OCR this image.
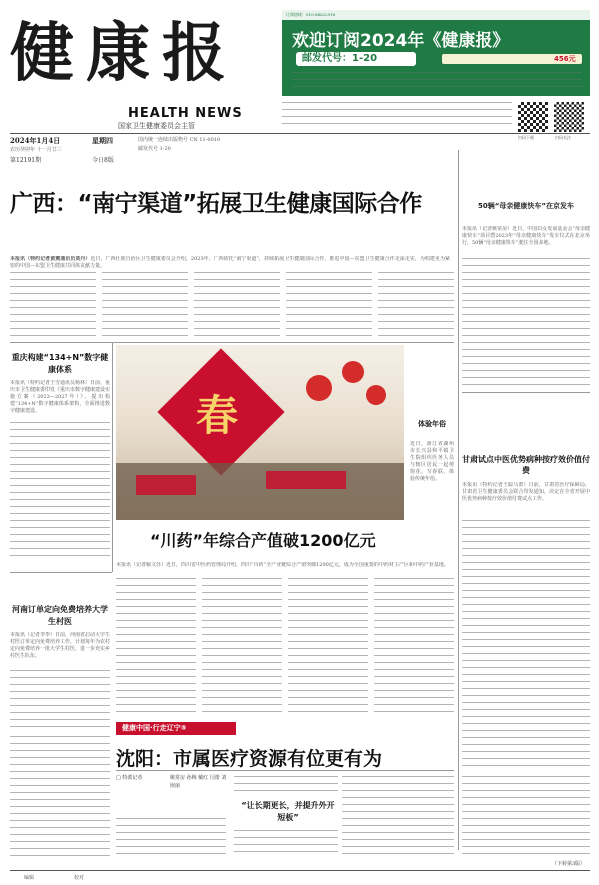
健康报
HEALTH NEWS
国家卫生健康委员会主管
2024年1月4日	星期四
农历癸卯年 十一月廿三
第12191期	今日8版
国内统一连续出版物号 CN 11-0010
邮发代号 1-20
订阅热线：010-64622918
欢迎订阅2024年《健康报》
邮发代号：1-20	456元
扫码下载	扫码关注
广西：“南宁渠道”拓展卫生健康国际合作
本报讯（特约记者黄震通讯员莫丹）近日，广西壮族自治区卫生健康委员会介绍，2023年，广西依托“南宁渠道”，持续拓展卫生健康国际合作，推进中国—东盟卫生健康合作走深走实，为构建更为紧密的中国—东盟卫生健康共同体贡献力量。
50辆“母亲健康快车”在京发车
本报讯（记者姚常房）近日，中国妇女发展基金会“母亲健康快车”项目暨2023年“母亲健康快车”发车仪式在北京举行，50辆“母亲健康快车”驶往全国多地。
重庆构建“134+N”数字健康体系
本报讯（特约记者王雪通讯员杨林）日前，重庆市卫生健康委印发《重庆市数字健康建设实施方案（2023—2027年）》，提出构建“134+N”数字健康体系架构，全面推进数字健康建设。	春	体验年俗
近日，浙江省湖州市长兴县和平镇卫生院组织医务人员与辖区居民一起剪窗花、写春联，体验传统年俗。
甘肃试点中医优势病种按疗效价值付费
本报讯（特约记者王聪马蕾）日前，甘肃省医疗保障局、甘肃省卫生健康委员会联合印发通知，决定在全省开展中医优势病种按疗效价值付费试点工作。
“川药”年综合产值破1200亿元
本报讯（记者喻文苏）近日，四川省中医药管理局介绍，四川“川药”全产业链综合产值突破1200亿元，成为全国重要的中药材主产区和中药产业基地。
河南订单定向免费培养大学生村医
本报讯（记者李季）日前，河南省启动大学生村医订单定向免费培养工作，计划每年为农村定向免费培养一批大学生村医，进一步充实乡村医生队伍。
健康中国·行走辽宁⑤
沈阳：市属医疗资源有位更有为
□ 特派记者	姚常房 孙梅 戴红 闫蕾 刘嵌丽
“让长期更长，并提升外开短板”
（下转第3版）
编辑	校对
